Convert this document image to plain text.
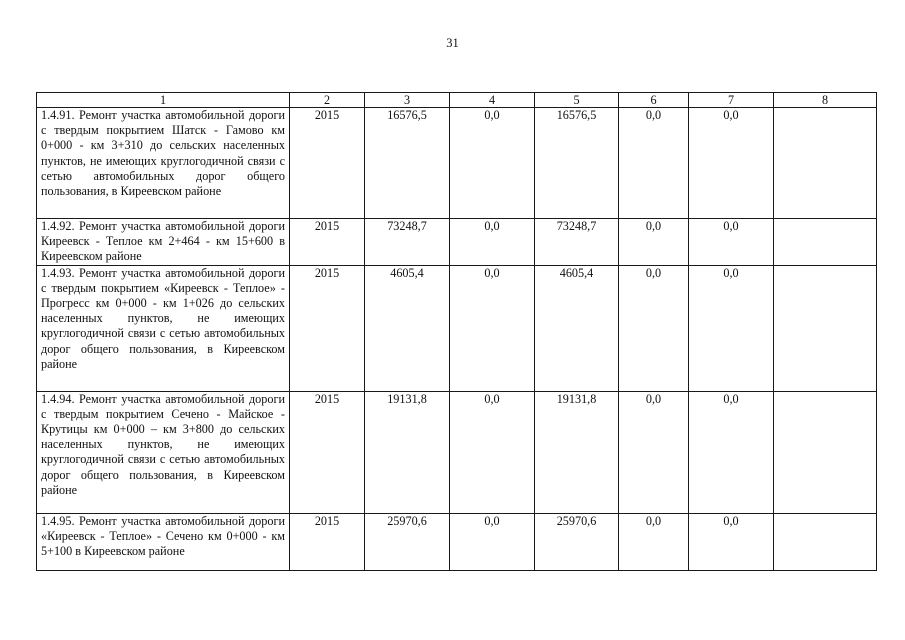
31
1	2	3	4	5	6	7	8
1.4.91. Ремонт участка автомобильной дороги с твердым покрытием Шатск - Гамово км 0+000 - км 3+310 до сельских населенных пунктов, не имеющих круглогодичной связи с сетью автомобильных дорог общего пользования, в Киреевском районе	2015	16576,5	0,0	16576,5	0,0	0,0	
1.4.92. Ремонт участка автомобильной дороги Киреевск - Теплое км 2+464 - км 15+600 в Киреевском районе	2015	73248,7	0,0	73248,7	0,0	0,0	
1.4.93. Ремонт участка автомобильной дороги с твердым покрытием «Киреевск - Теплое» - Прогресс км 0+000 - км 1+026 до сельских населенных пунктов, не имеющих круглогодичной связи с сетью автомобильных дорог общего пользования, в Киреевском районе	2015	4605,4	0,0	4605,4	0,0	0,0	
1.4.94. Ремонт участка автомобильной дороги с твердым покрытием Сечено - Майское - Крутицы км 0+000 – км 3+800 до сельских населенных пунктов, не имеющих круглогодичной связи с сетью автомобильных дорог общего пользования, в Киреевском районе	2015	19131,8	0,0	19131,8	0,0	0,0	
1.4.95. Ремонт участка автомобильной дороги «Киреевск - Теплое» - Сечено км 0+000 - км 5+100 в Киреевском районе	2015	25970,6	0,0	25970,6	0,0	0,0	
